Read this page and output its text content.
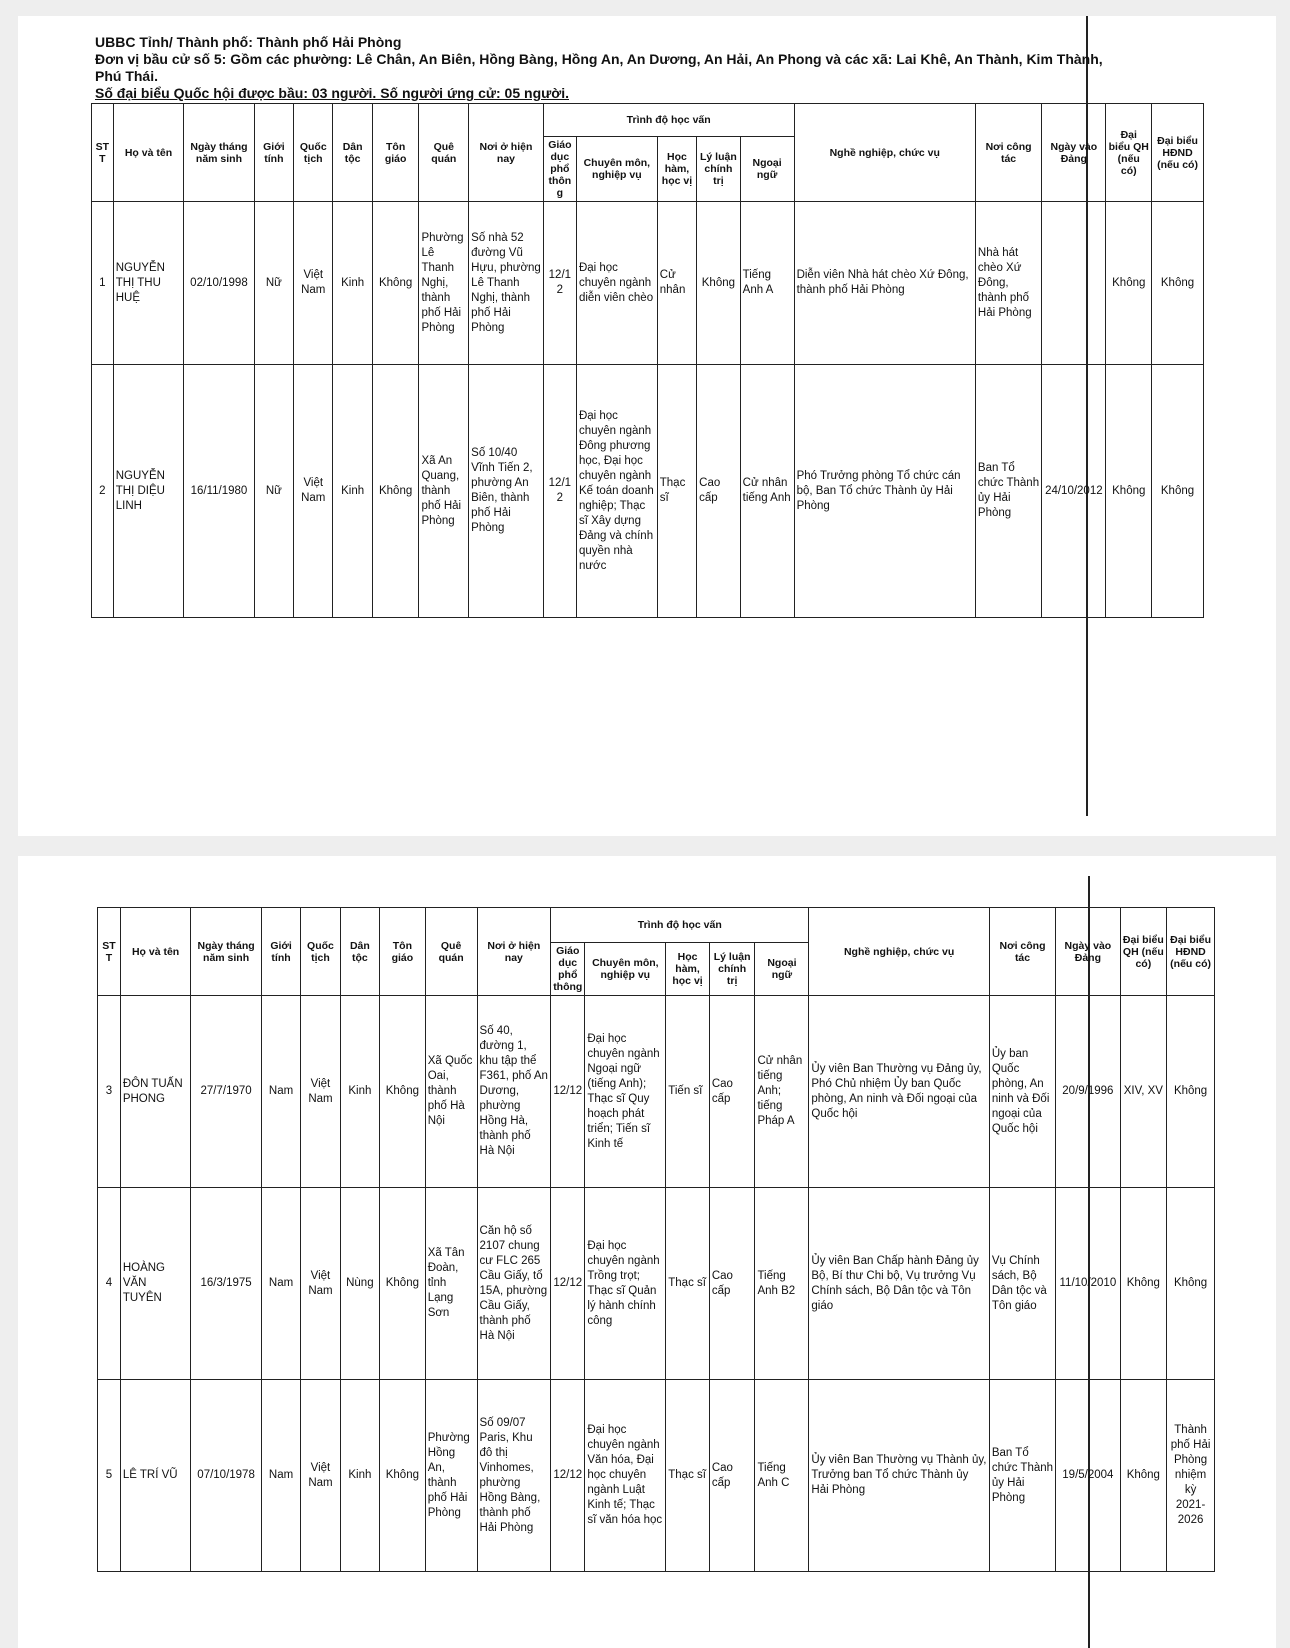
UBBC Tỉnh/ Thành phố: Thành phố Hải Phòng
Đơn vị bầu cử số 5: Gồm các phường: Lê Chân, An Biên, Hồng Bàng, Hồng An, An Dương, An Hải, An Phong và các xã: Lai Khê, An Thành, Kim Thành,
Phú Thái.
Số đại biểu Quốc hội được bầu: 03 người. Số người ứng cử: 05 người.
STT	Họ và tên	Ngày tháng năm sinh	Giới tính	Quốc tịch	Dân tộc	Tôn giáo	Quê quán	Nơi ở hiện nay	Trình độ học vấn					Nghề nghiệp, chức vụ	Nơi công tác	Ngày vào Đảng	Đại biểu QH (nếu có)	Đại biểu HĐND (nếu có)
									Giáo dục phổ thông	Chuyên môn, nghiệp vụ	Học hàm, học vị	Lý luận chính trị	Ngoại ngữ					
1	NGUYỄN THỊ THU HUỆ	02/10/1998	Nữ	Việt Nam	Kinh	Không	Phường Lê Thanh Nghị, thành phố Hải Phòng	Số nhà 52 đường Vũ Hựu, phường Lê Thanh Nghị, thành phố Hải Phòng	12/12	Đại học chuyên ngành diễn viên chèo	Cử nhân	Không	Tiếng Anh A	Diễn viên Nhà hát chèo Xứ Đông, thành phố Hải Phòng	Nhà hát chèo Xứ Đông, thành phố Hải Phòng		Không	Không
2	NGUYỄN THỊ DIỆU LINH	16/11/1980	Nữ	Việt Nam	Kinh	Không	Xã An Quang, thành phố Hải Phòng	Số 10/40 Vĩnh Tiến 2, phường An Biên, thành phố Hải Phòng	12/12	Đại học chuyên ngành Đông phương học, Đại học chuyên ngành Kế toán doanh nghiệp; Thạc sĩ Xây dựng Đảng và chính quyền nhà nước	Thạc sĩ	Cao cấp	Cử nhân tiếng Anh	Phó Trưởng phòng Tổ chức cán bộ, Ban Tổ chức Thành ủy Hải Phòng	Ban Tổ chức Thành ủy Hải Phòng	24/10/2012	Không	Không
STT	Họ và tên	Ngày tháng năm sinh	Giới tính	Quốc tịch	Dân tộc	Tôn giáo	Quê quán	Nơi ở hiện nay	Trình độ học vấn					Nghề nghiệp, chức vụ	Nơi công tác	Ngày vào Đảng	Đại biểu QH (nếu có)	Đại biểu HĐND (nếu có)
									Giáo dục phổ thông	Chuyên môn, nghiệp vụ	Học hàm, học vị	Lý luận chính trị	Ngoại ngữ					
3	ĐÔN TUẤN PHONG	27/7/1970	Nam	Việt Nam	Kinh	Không	Xã Quốc Oai, thành phố Hà Nội	Số 40, đường 1, khu tập thể F361, phố An Dương, phường Hồng Hà, thành phố Hà Nội	12/12	Đại học chuyên ngành Ngoại ngữ (tiếng Anh); Thạc sĩ Quy hoạch phát triển; Tiến sĩ Kinh tế	Tiến sĩ	Cao cấp	Cử nhân tiếng Anh; tiếng Pháp A	Ủy viên Ban Thường vụ Đảng ủy, Phó Chủ nhiệm Ủy ban Quốc phòng, An ninh và Đối ngoại của Quốc hội	Ủy ban Quốc phòng, An ninh và Đối ngoại của Quốc hội	20/9/1996	XIV, XV	Không
4	HOÀNG VĂN TUYÊN	16/3/1975	Nam	Việt Nam	Nùng	Không	Xã Tân Đoàn, tỉnh Lạng Sơn	Căn hộ số 2107 chung cư FLC 265 Cầu Giấy, tổ 15A, phường Cầu Giấy, thành phố Hà Nội	12/12	Đại học chuyên ngành Trồng trọt; Thạc sĩ Quản lý hành chính công	Thạc sĩ	Cao cấp	Tiếng Anh B2	Ủy viên Ban Chấp hành Đảng ủy Bộ, Bí thư Chi bộ, Vụ trưởng Vụ Chính sách, Bộ Dân tộc và Tôn giáo	Vụ Chính sách, Bộ Dân tộc và Tôn giáo	11/10/2010	Không	Không
5	LÊ TRÍ VŨ	07/10/1978	Nam	Việt Nam	Kinh	Không	Phường Hồng An, thành phố Hải Phòng	Số 09/07 Paris, Khu đô thị Vinhomes, phường Hồng Bàng, thành phố Hải Phòng	12/12	Đại học chuyên ngành Văn hóa, Đại học chuyên ngành Luật Kinh tế; Thạc sĩ văn hóa học	Thạc sĩ	Cao cấp	Tiếng Anh C	Ủy viên Ban Thường vụ Thành ủy, Trưởng ban Tổ chức Thành ủy Hải Phòng	Ban Tổ chức Thành ủy Hải Phòng	19/5/2004	Không	Thành phố Hải Phòng nhiệm kỳ 2021-2026
